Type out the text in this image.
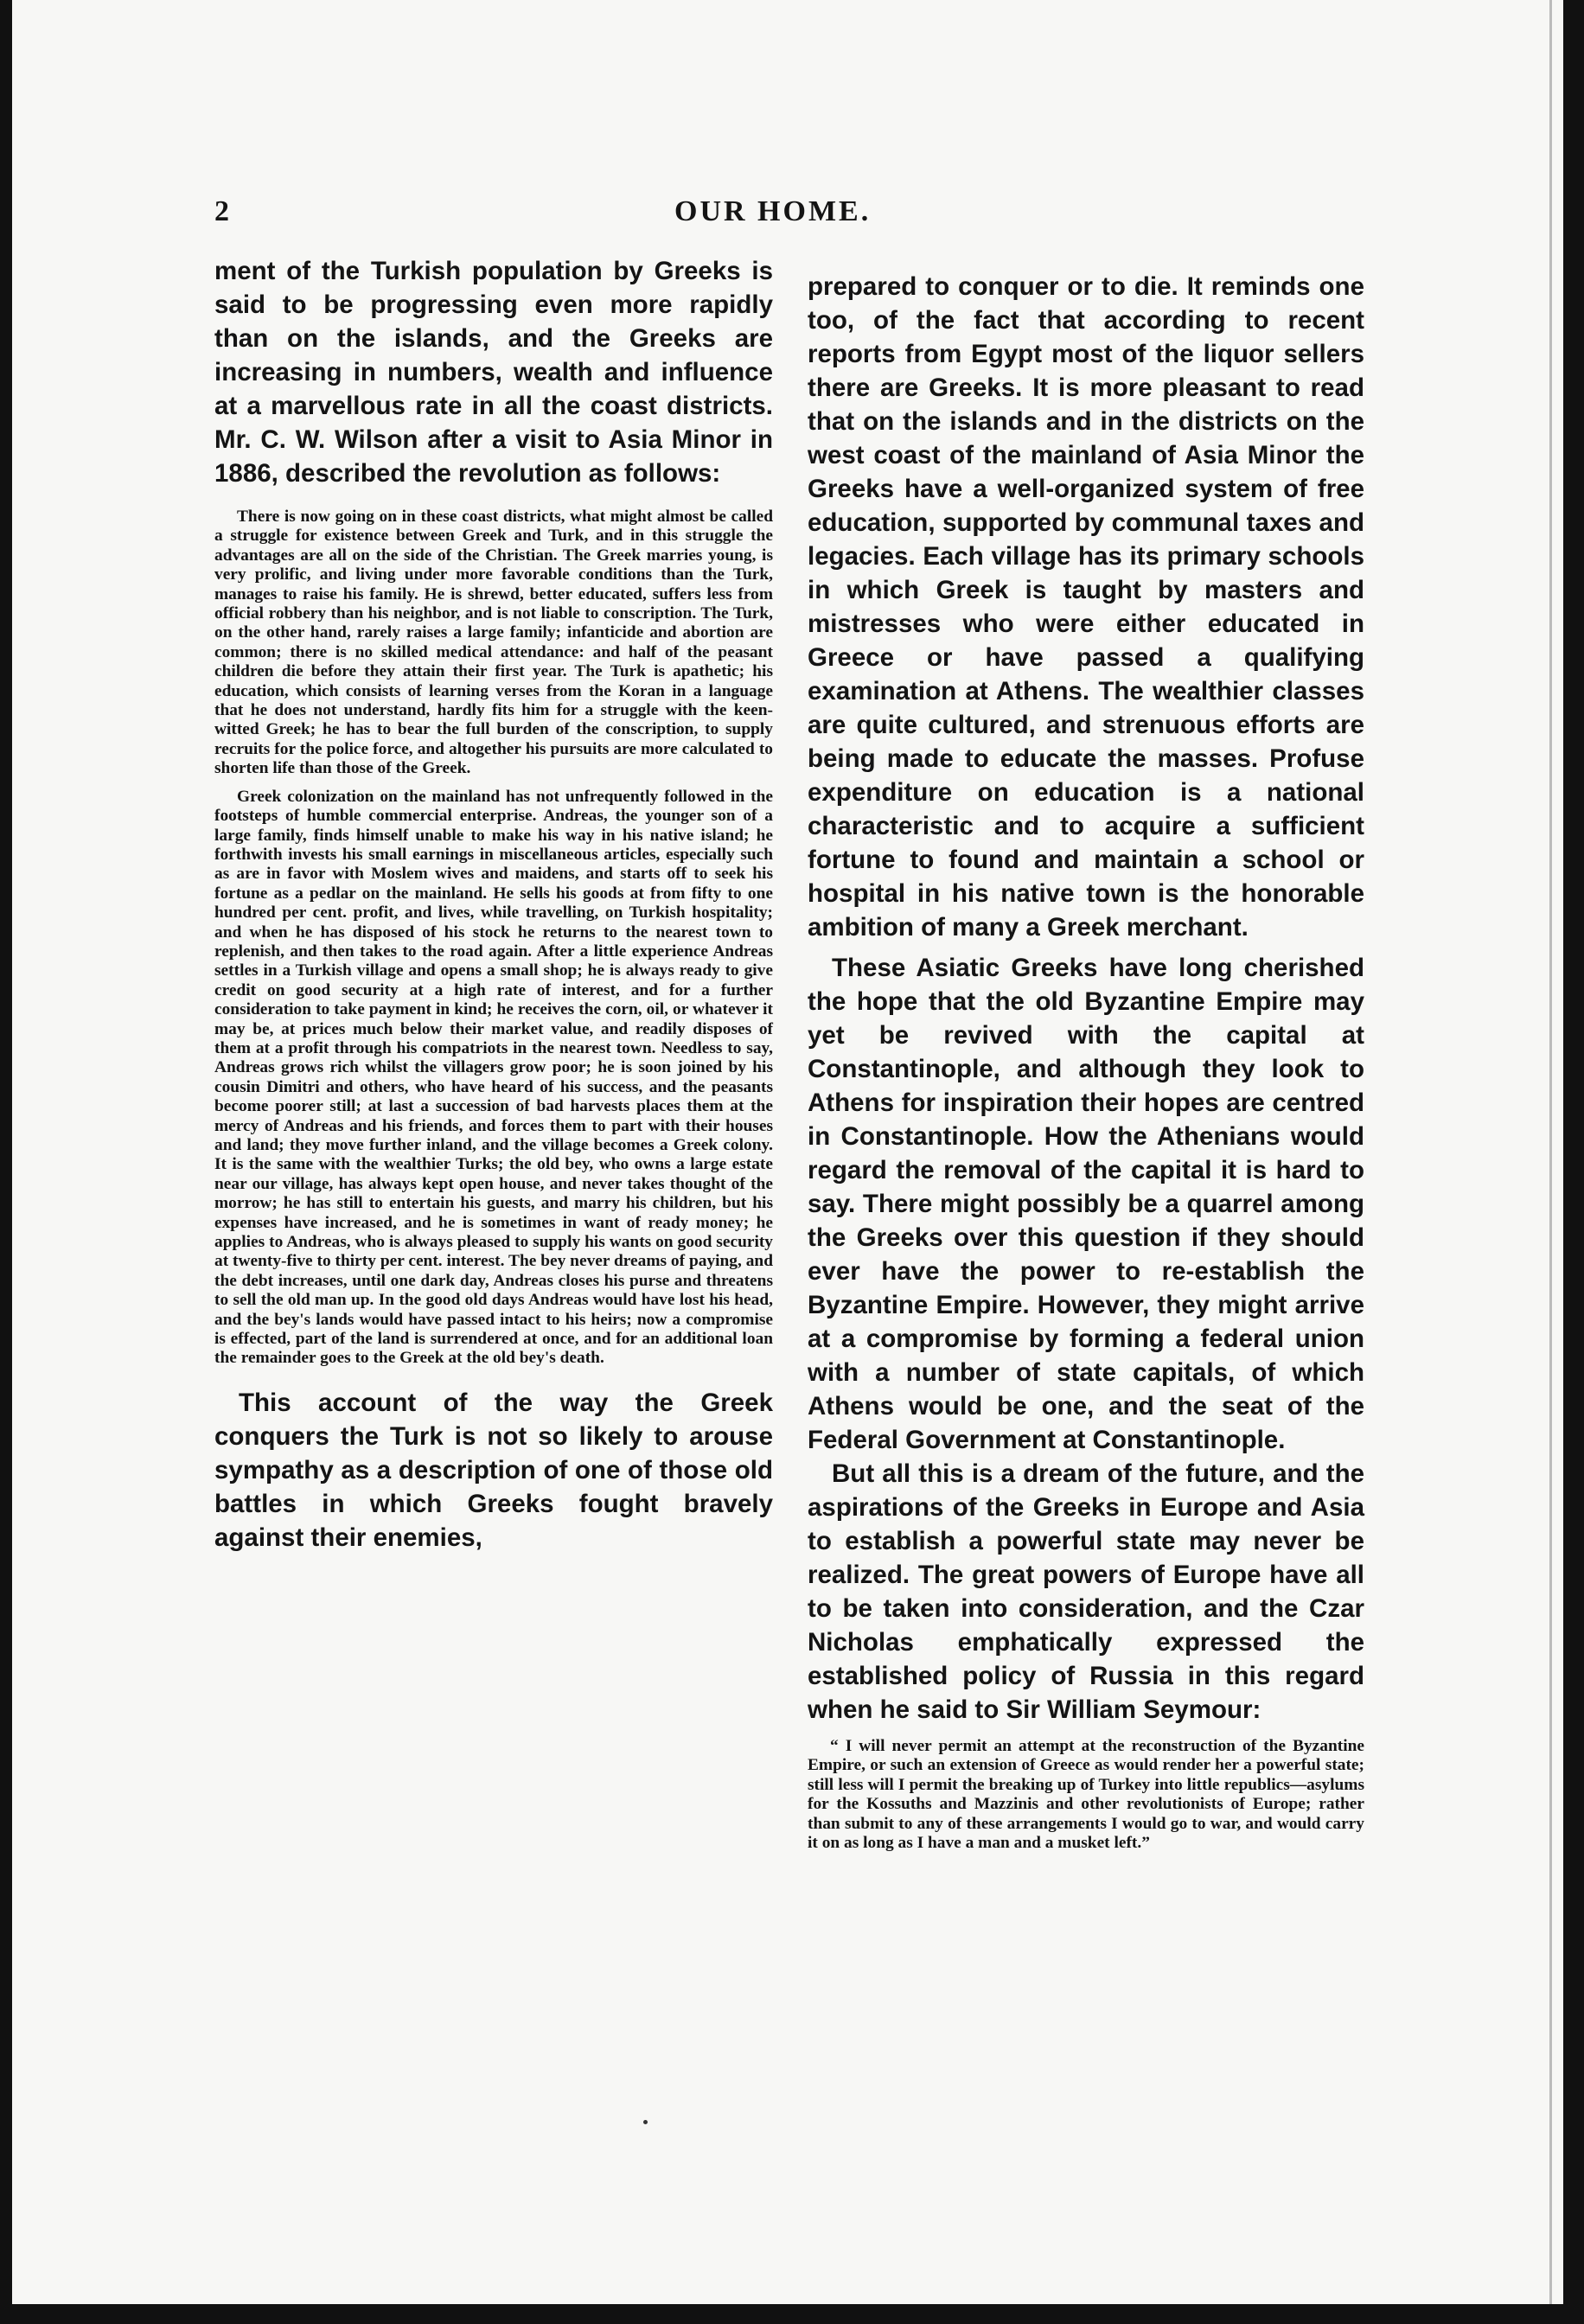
2	OUR HOME.

ment of the Turkish population by Greeks is said to be progressing even more rapidly than on the islands, and the Greeks are increasing in numbers, wealth and influence at a marvellous rate in all the coast districts. Mr. C. W. Wilson after a visit to Asia Minor in 1886, described the revolution as follows:

There is now going on in these coast districts, what might almost be called a struggle for existence between Greek and Turk, and in this struggle the advantages are all on the side of the Christian. The Greek marries young, is very prolific, and living under more favorable conditions than the Turk, manages to raise his family. He is shrewd, better educated, suffers less from official robbery than his neighbor, and is not liable to conscription. The Turk, on the other hand, rarely raises a large family; infanticide and abortion are common; there is no skilled medical attendance: and half of the peasant children die before they attain their first year. The Turk is apathetic; his education, which consists of learning verses from the Koran in a language that he does not understand, hardly fits him for a struggle with the keen-witted Greek; he has to bear the full burden of the conscription, to supply recruits for the police force, and altogether his pursuits are more calculated to shorten life than those of the Greek.

Greek colonization on the mainland has not unfrequently followed in the footsteps of humble commercial enterprise. Andreas, the younger son of a large family, finds himself unable to make his way in his native island; he forthwith invests his small earnings in miscellaneous articles, especially such as are in favor with Moslem wives and maidens, and starts off to seek his fortune as a pedlar on the mainland. He sells his goods at from fifty to one hundred per cent. profit, and lives, while travelling, on Turkish hospitality; and when he has disposed of his stock he returns to the nearest town to replenish, and then takes to the road again. After a little experience Andreas settles in a Turkish village and opens a small shop; he is always ready to give credit on good security at a high rate of interest, and for a further consideration to take payment in kind; he receives the corn, oil, or whatever it may be, at prices much below their market value, and readily disposes of them at a profit through his compatriots in the nearest town. Needless to say, Andreas grows rich whilst the villagers grow poor; he is soon joined by his cousin Dimitri and others, who have heard of his success, and the peasants become poorer still; at last a succession of bad harvests places them at the mercy of Andreas and his friends, and forces them to part with their houses and land; they move further inland, and the village becomes a Greek colony. It is the same with the wealthier Turks; the old bey, who owns a large estate near our village, has always kept open house, and never takes thought of the morrow; he has still to entertain his guests, and marry his children, but his expenses have increased, and he is sometimes in want of ready money; he applies to Andreas, who is always pleased to supply his wants on good security at twenty-five to thirty per cent. interest. The bey never dreams of paying, and the debt increases, until one dark day, Andreas closes his purse and threatens to sell the old man up. In the good old days Andreas would have lost his head, and the bey's lands would have passed intact to his heirs; now a compromise is effected, part of the land is surrendered at once, and for an additional loan the remainder goes to the Greek at the old bey's death.

This account of the way the Greek conquers the Turk is not so likely to arouse sympathy as a description of one of those old battles in which Greeks fought bravely against their enemies,

prepared to conquer or to die. It reminds one too, of the fact that according to recent reports from Egypt most of the liquor sellers there are Greeks. It is more pleasant to read that on the islands and in the districts on the west coast of the mainland of Asia Minor the Greeks have a well-organized system of free education, supported by communal taxes and legacies. Each village has its primary schools in which Greek is taught by masters and mistresses who were either educated in Greece or have passed a qualifying examination at Athens. The wealthier classes are quite cultured, and strenuous efforts are being made to educate the masses. Profuse expenditure on education is a national characteristic and to acquire a sufficient fortune to found and maintain a school or hospital in his native town is the honorable ambition of many a Greek merchant.

These Asiatic Greeks have long cherished the hope that the old Byzantine Empire may yet be revived with the capital at Constantinople, and although they look to Athens for inspiration their hopes are centred in Constantinople. How the Athenians would regard the removal of the capital it is hard to say. There might possibly be a quarrel among the Greeks over this question if they should ever have the power to re-establish the Byzantine Empire. However, they might arrive at a compromise by forming a federal union with a number of state capitals, of which Athens would be one, and the seat of the Federal Government at Constantinople.

But all this is a dream of the future, and the aspirations of the Greeks in Europe and Asia to establish a powerful state may never be realized. The great powers of Europe have all to be taken into consideration, and the Czar Nicholas emphatically expressed the established policy of Russia in this regard when he said to Sir William Seymour:

“ I will never permit an attempt at the reconstruction of the Byzantine Empire, or such an extension of Greece as would render her a powerful state; still less will I permit the breaking up of Turkey into little republics—asylums for the Kossuths and Mazzinis and other revolutionists of Europe; rather than submit to any of these arrangements I would go to war, and would carry it on as long as I have a man and a musket left.”
